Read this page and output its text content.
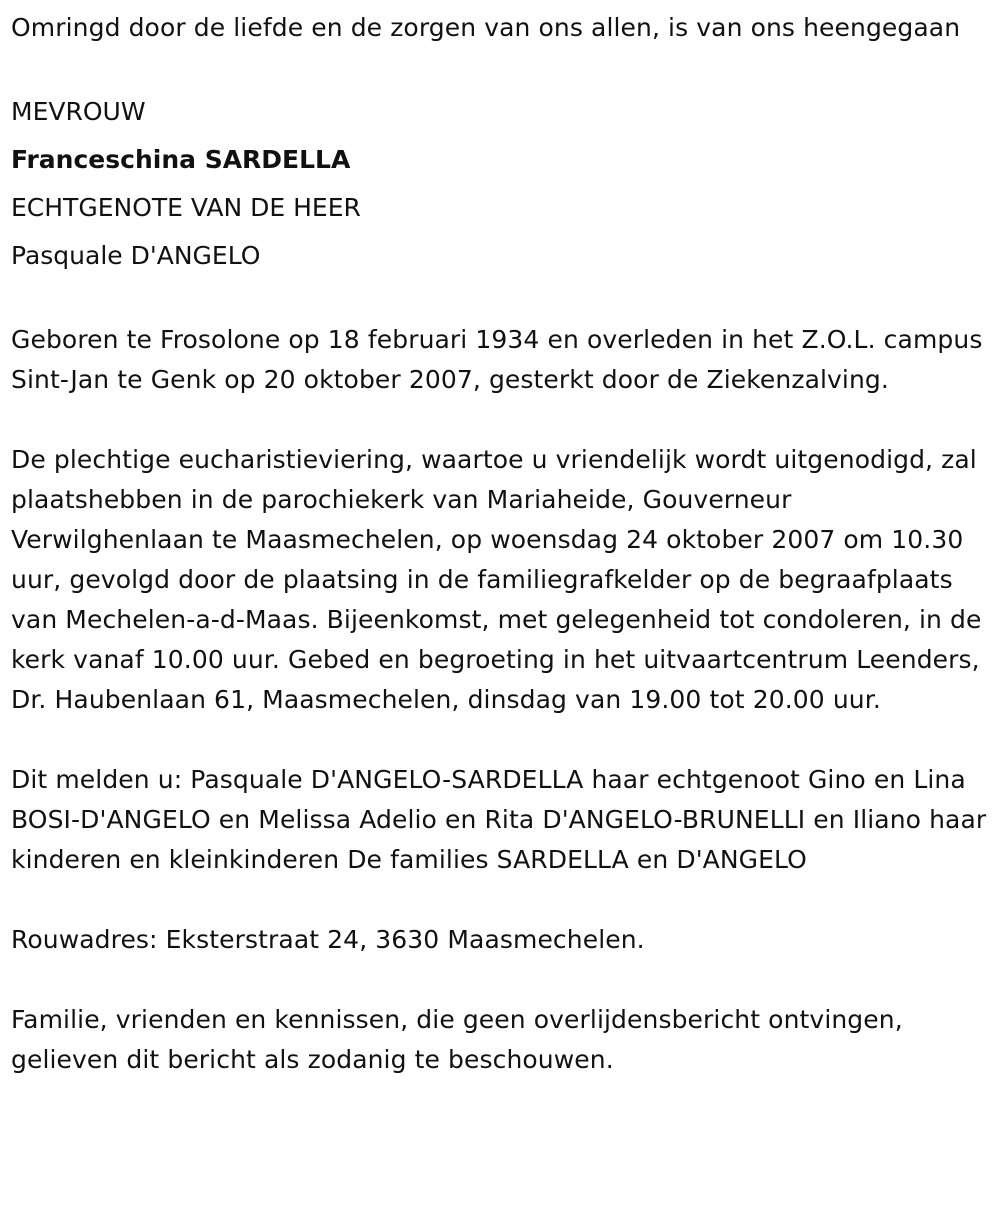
Omringd door de liefde en de zorgen van ons allen, is van ons heengegaan

MEVROUW
Franceschina SARDELLA
ECHTGENOTE VAN DE HEER
Pasquale D'ANGELO

Geboren te Frosolone op 18 februari 1934 en overleden in het Z.O.L. campus Sint-Jan te Genk op 20 oktober 2007, gesterkt door de Ziekenzalving.

De plechtige eucharistieviering, waartoe u vriendelijk wordt uitgenodigd, zal plaatshebben in de parochiekerk van Mariaheide, Gouverneur Verwilghenlaan te Maasmechelen, op woensdag 24 oktober 2007 om 10.30 uur, gevolgd door de plaatsing in de familiegrafkelder op de begraafplaats van Mechelen-a-d-Maas. Bijeenkomst, met gelegenheid tot condoleren, in de kerk vanaf 10.00 uur. Gebed en begroeting in het uitvaartcentrum Leenders, Dr. Haubenlaan 61, Maasmechelen, dinsdag van 19.00 tot 20.00 uur.

Dit melden u: Pasquale D'ANGELO-SARDELLA haar echtgenoot Gino en Lina BOSI-D'ANGELO en Melissa Adelio en Rita D'ANGELO-BRUNELLI en Iliano haar kinderen en kleinkinderen De families SARDELLA en D'ANGELO

Rouwadres: Eksterstraat 24, 3630 Maasmechelen.

Familie, vrienden en kennissen, die geen overlijdensbericht ontvingen, gelieven dit bericht als zodanig te beschouwen.
